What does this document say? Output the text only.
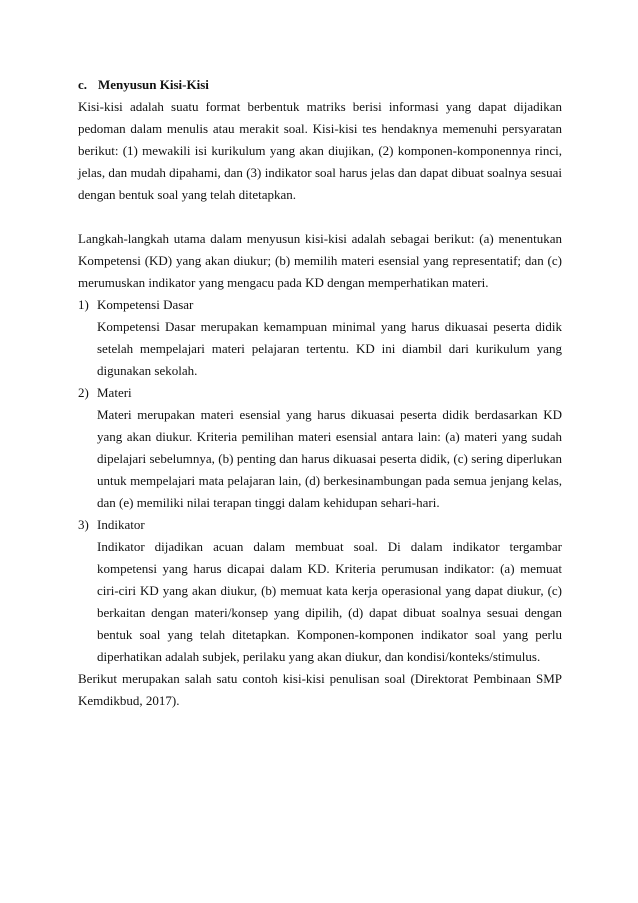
c. Menyusun Kisi-Kisi

Kisi-kisi adalah suatu format berbentuk matriks berisi informasi yang dapat dijadikan pedoman dalam menulis atau merakit soal. Kisi-kisi tes hendaknya memenuhi persyaratan berikut: (1) mewakili isi kurikulum yang akan diujikan, (2) komponen-komponennya rinci, jelas, dan mudah dipahami, dan (3) indikator soal harus jelas dan dapat dibuat soalnya sesuai dengan bentuk soal yang telah ditetapkan.

Langkah-langkah utama dalam menyusun kisi-kisi adalah sebagai berikut: (a) menentukan Kompetensi (KD) yang akan diukur; (b) memilih materi esensial yang representatif; dan (c) merumuskan indikator yang mengacu pada KD dengan memperhatikan materi.

1) Kompetensi Dasar

Kompetensi Dasar merupakan kemampuan minimal yang harus dikuasai peserta didik setelah mempelajari materi pelajaran tertentu. KD ini diambil dari kurikulum yang digunakan sekolah.

2) Materi

Materi merupakan materi esensial yang harus dikuasai peserta didik berdasarkan KD yang akan diukur. Kriteria pemilihan materi esensial antara lain: (a) materi yang sudah dipelajari sebelumnya, (b) penting dan harus dikuasai peserta didik, (c) sering diperlukan untuk mempelajari mata pelajaran lain, (d) berkesinambungan pada semua jenjang kelas, dan (e) memiliki nilai terapan tinggi dalam kehidupan sehari-hari.

3) Indikator

Indikator dijadikan acuan dalam membuat soal. Di dalam indikator tergambar kompetensi yang harus dicapai dalam KD. Kriteria perumusan indikator: (a) memuat ciri-ciri KD yang akan diukur, (b) memuat kata kerja operasional yang dapat diukur, (c) berkaitan dengan materi/konsep yang dipilih, (d) dapat dibuat soalnya sesuai dengan bentuk soal yang telah ditetapkan. Komponen-komponen indikator soal yang perlu diperhatikan adalah subjek, perilaku yang akan diukur, dan kondisi/konteks/stimulus.

Berikut merupakan salah satu contoh kisi-kisi penulisan soal (Direktorat Pembinaan SMP Kemdikbud, 2017).
